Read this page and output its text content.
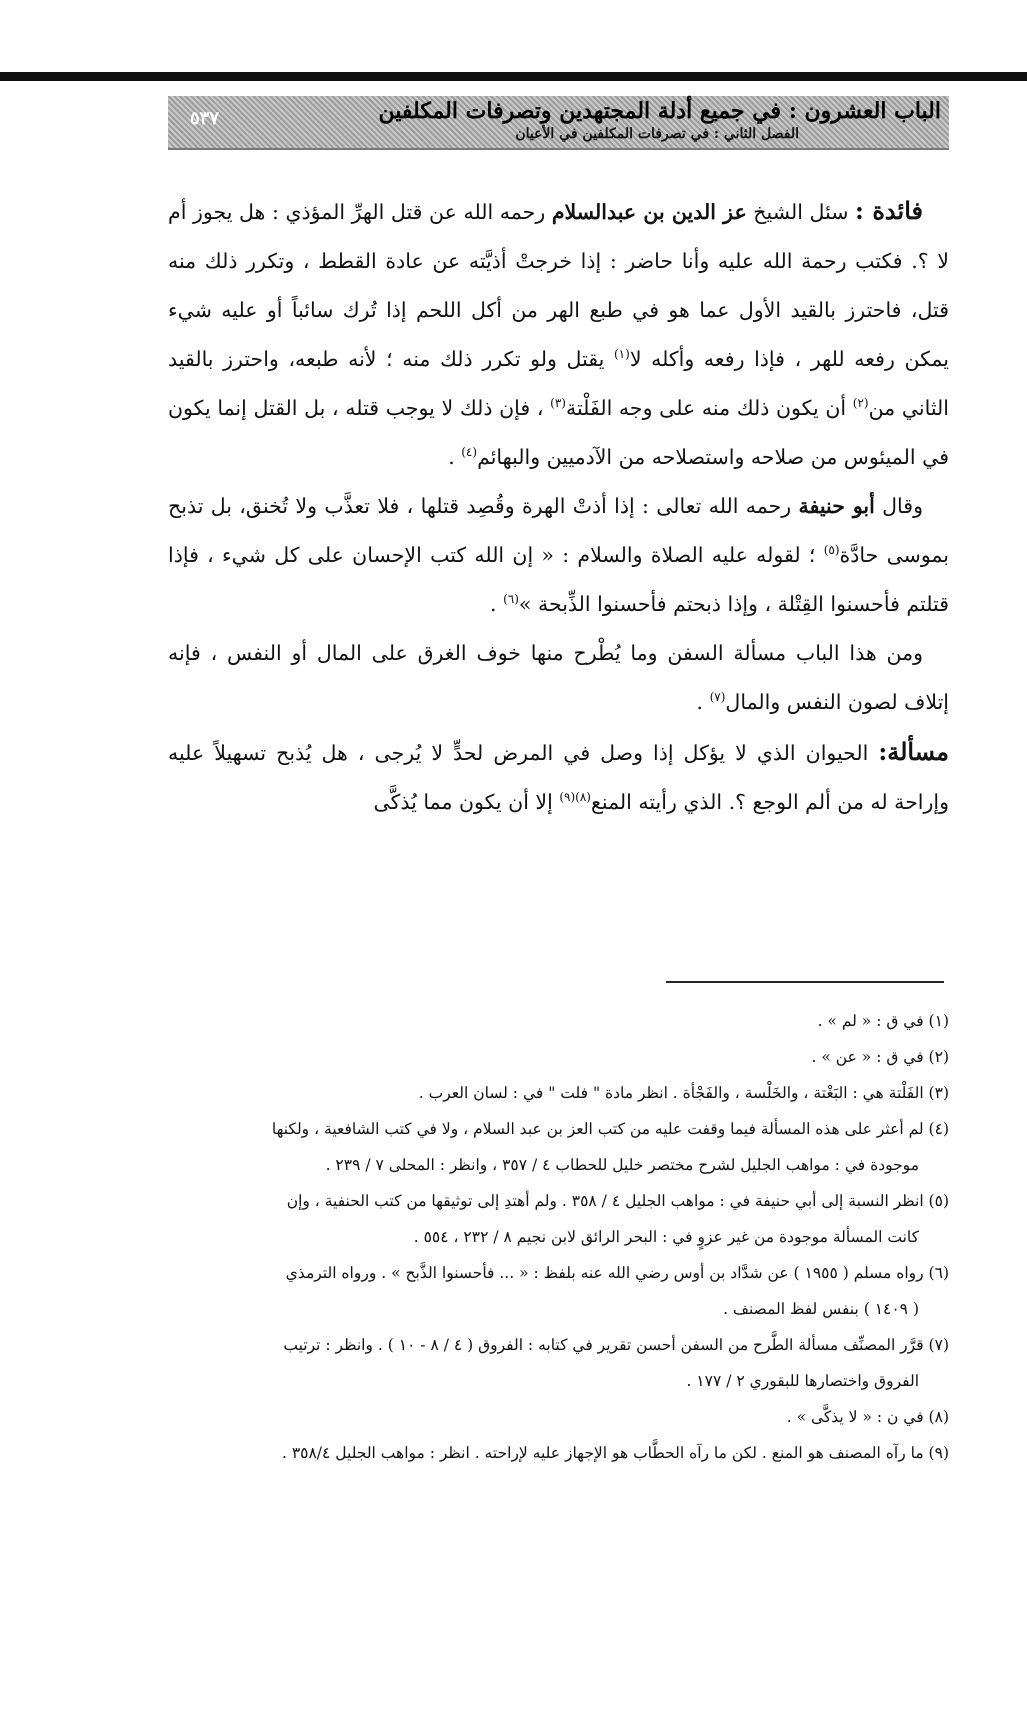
الباب العشرون : في جميع أدلة المجتهدين وتصرفات المكلفين
الفصل الثاني : في تصرفات المكلفين في الأعيان
٥٣٧

فائدة : سئل الشيخ عز الدين بن عبدالسلام رحمه الله عن قتل الهرِّ المؤذي : هل يجوز أم لا ؟. فكتب رحمة الله عليه وأنا حاضر : إذا خرجتْ أذيَّته عن عادة القطط ، وتكرر ذلك منه قتل، فاحترز بالقيد الأول عما هو في طبع الهر من أكل اللحم إذا تُرك سائباً أو عليه شيء يمكن رفعه للهر ، فإذا رفعه وأكله لا$^{(١)}$ يقتل ولو تكرر ذلك منه ؛ لأنه طبعه، واحترز بالقيد الثاني من$^{(٢)}$ أن يكون ذلك منه على وجه الفَلْتة$^{(٣)}$ ، فإن ذلك لا يوجب قتله ، بل القتل إنما يكون في الميئوس من صلاحه واستصلاحه من الآدميين والبهائم$^{(٤)}$ .

وقال أبو حنيفة رحمه الله تعالى : إذا أذتْ الهرة وقُصِد قتلها ، فلا تعذَّب ولا تُخنق، بل تذبح بموسى حادَّة$^{(٥)}$ ؛ لقوله عليه الصلاة والسلام : « إن الله كتب الإحسان على كل شيء ، فإذا قتلتم فأحسنوا القِتْلة ، وإذا ذبحتم فأحسنوا الذِّبحة »$^{(٦)}$ .

ومن هذا الباب مسألة السفن وما يُطْرح منها خوف الغرق على المال أو النفس ، فإنه إتلاف لصون النفس والمال$^{(٧)}$ .

مسألة: الحيوان الذي لا يؤكل إذا وصل في المرض لحدٍّ لا يُرجى ، هل يُذبح تسهيلاً عليه وإراحة له من ألم الوجع ؟. الذي رأيته المنع$^{(٨)(٩)}$ إلا أن يكون مما يُذكَّى

(١) في ق : « لم » .

(٢) في ق : « عن » .

(٣) الفَلْتة هي : البَغْتة ، والخَلْسة ، والفَجْأة . انظر مادة " فلت " في : لسان العرب .

(٤) لم أعثر على هذه المسألة فيما وقفت عليه من كتب العز بن عبد السلام ، ولا في كتب الشافعية ، ولكنها

موجودة في : مواهب الجليل لشرح مختصر خليل للحطاب ٤ / ٣٥٧ ، وانظر : المحلى ٧ / ٢٣٩ .

(٥) انظر النسبة إلى أبي حنيفة في : مواهب الجليل ٤ / ٣٥٨ . ولم أهتدِ إلى توثيقها من كتب الحنفية ، وإن

كانت المسألة موجودة من غير عزوٍ في : البحر الرائق لابن نجيم ٨ / ٢٣٢ ، ٥٥٤ .

(٦) رواه مسلم ( ١٩٥٥ ) عن شدَّاد بن أوس رضي الله عنه بلفظ : « ... فأحسنوا الذَّبح » . ورواه الترمذي

( ١٤٠٩ ) بنفس لفظ المصنف .

(٧) قرَّر المصنِّف مسألة الطَّرح من السفن أحسن تقرير في كتابه : الفروق ( ٤ / ٨ - ١٠ ) . وانظر : ترتيب

الفروق واختصارها للبقوري ٢ / ١٧٧ .

(٨) في ن : « لا يذكَّى » .

(٩) ما رآه المصنف هو المنع . لكن ما رآه الحطَّاب هو الإجهاز عليه لإراحته . انظر : مواهب الجليل ٣٥٨/٤ .
